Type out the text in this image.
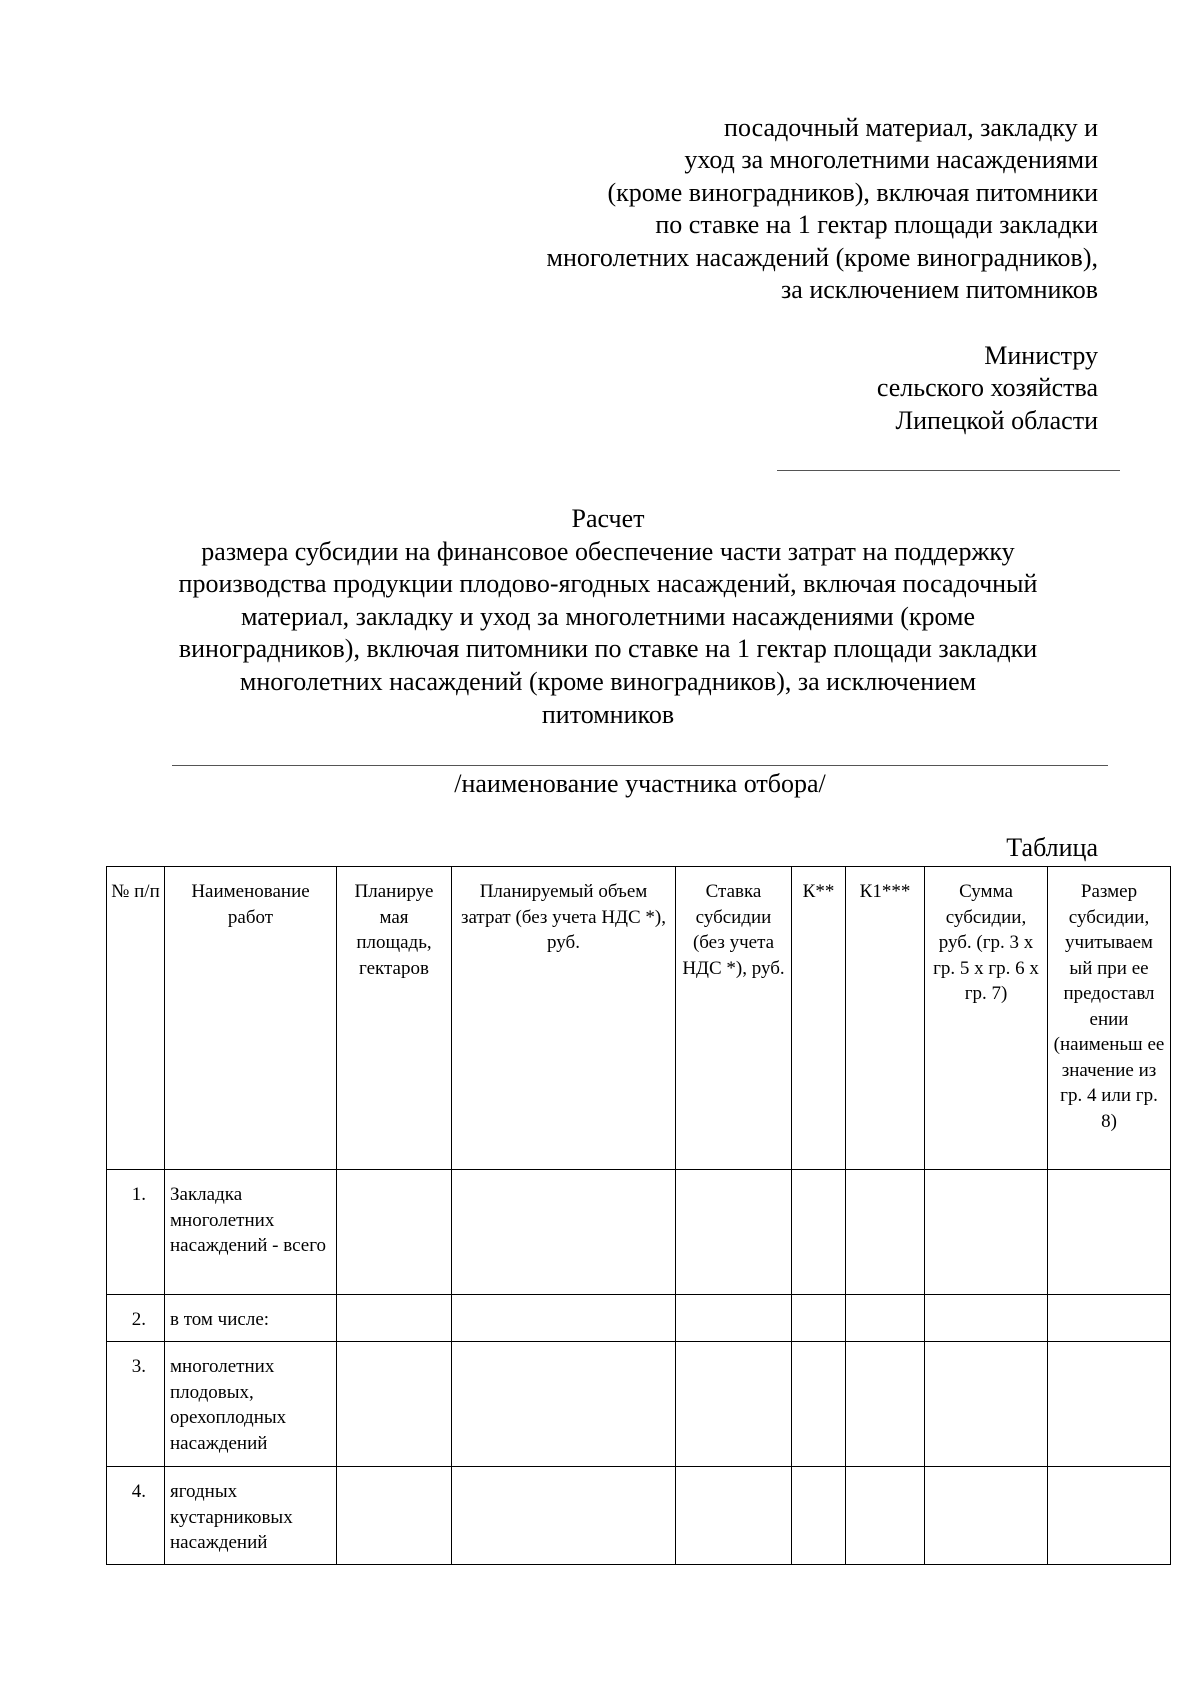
посадочный материал, закладку и
уход за многолетними насаждениями
(кроме виноградников), включая питомники
по ставке на 1 гектар площади закладки
многолетних насаждений (кроме виноградников),
за исключением питомников
Министру
сельского хозяйства
Липецкой области
Расчет
размера субсидии на финансовое обеспечение части затрат на поддержку
производства продукции плодово-ягодных насаждений, включая посадочный
материал, закладку и уход за многолетними насаждениями (кроме
виноградников), включая питомники по ставке на 1 гектар площади закладки
многолетних насаждений (кроме виноградников), за исключением
питомников
/наименование участника отбора/
Таблица
№ п/п	Наименование работ	Планируе мая площадь, гектаров	Планируемый объем затрат (без учета НДС *), руб.	Ставка субсидии (без учета НДС *), руб.	К**	К1***	Сумма субсидии, руб. (гр. 3 x гр. 5 x гр. 6 x гр. 7)	Размер субсидии, учитываем ый при ее предоставл ении (наименьш ее значение из гр. 4 или гр. 8)
1.	Закладка многолетних насаждений - всего							
2.	в том числе:							
3.	многолетних плодовых, орехоплодных насаждений							
4.	ягодных кустарниковых насаждений							
